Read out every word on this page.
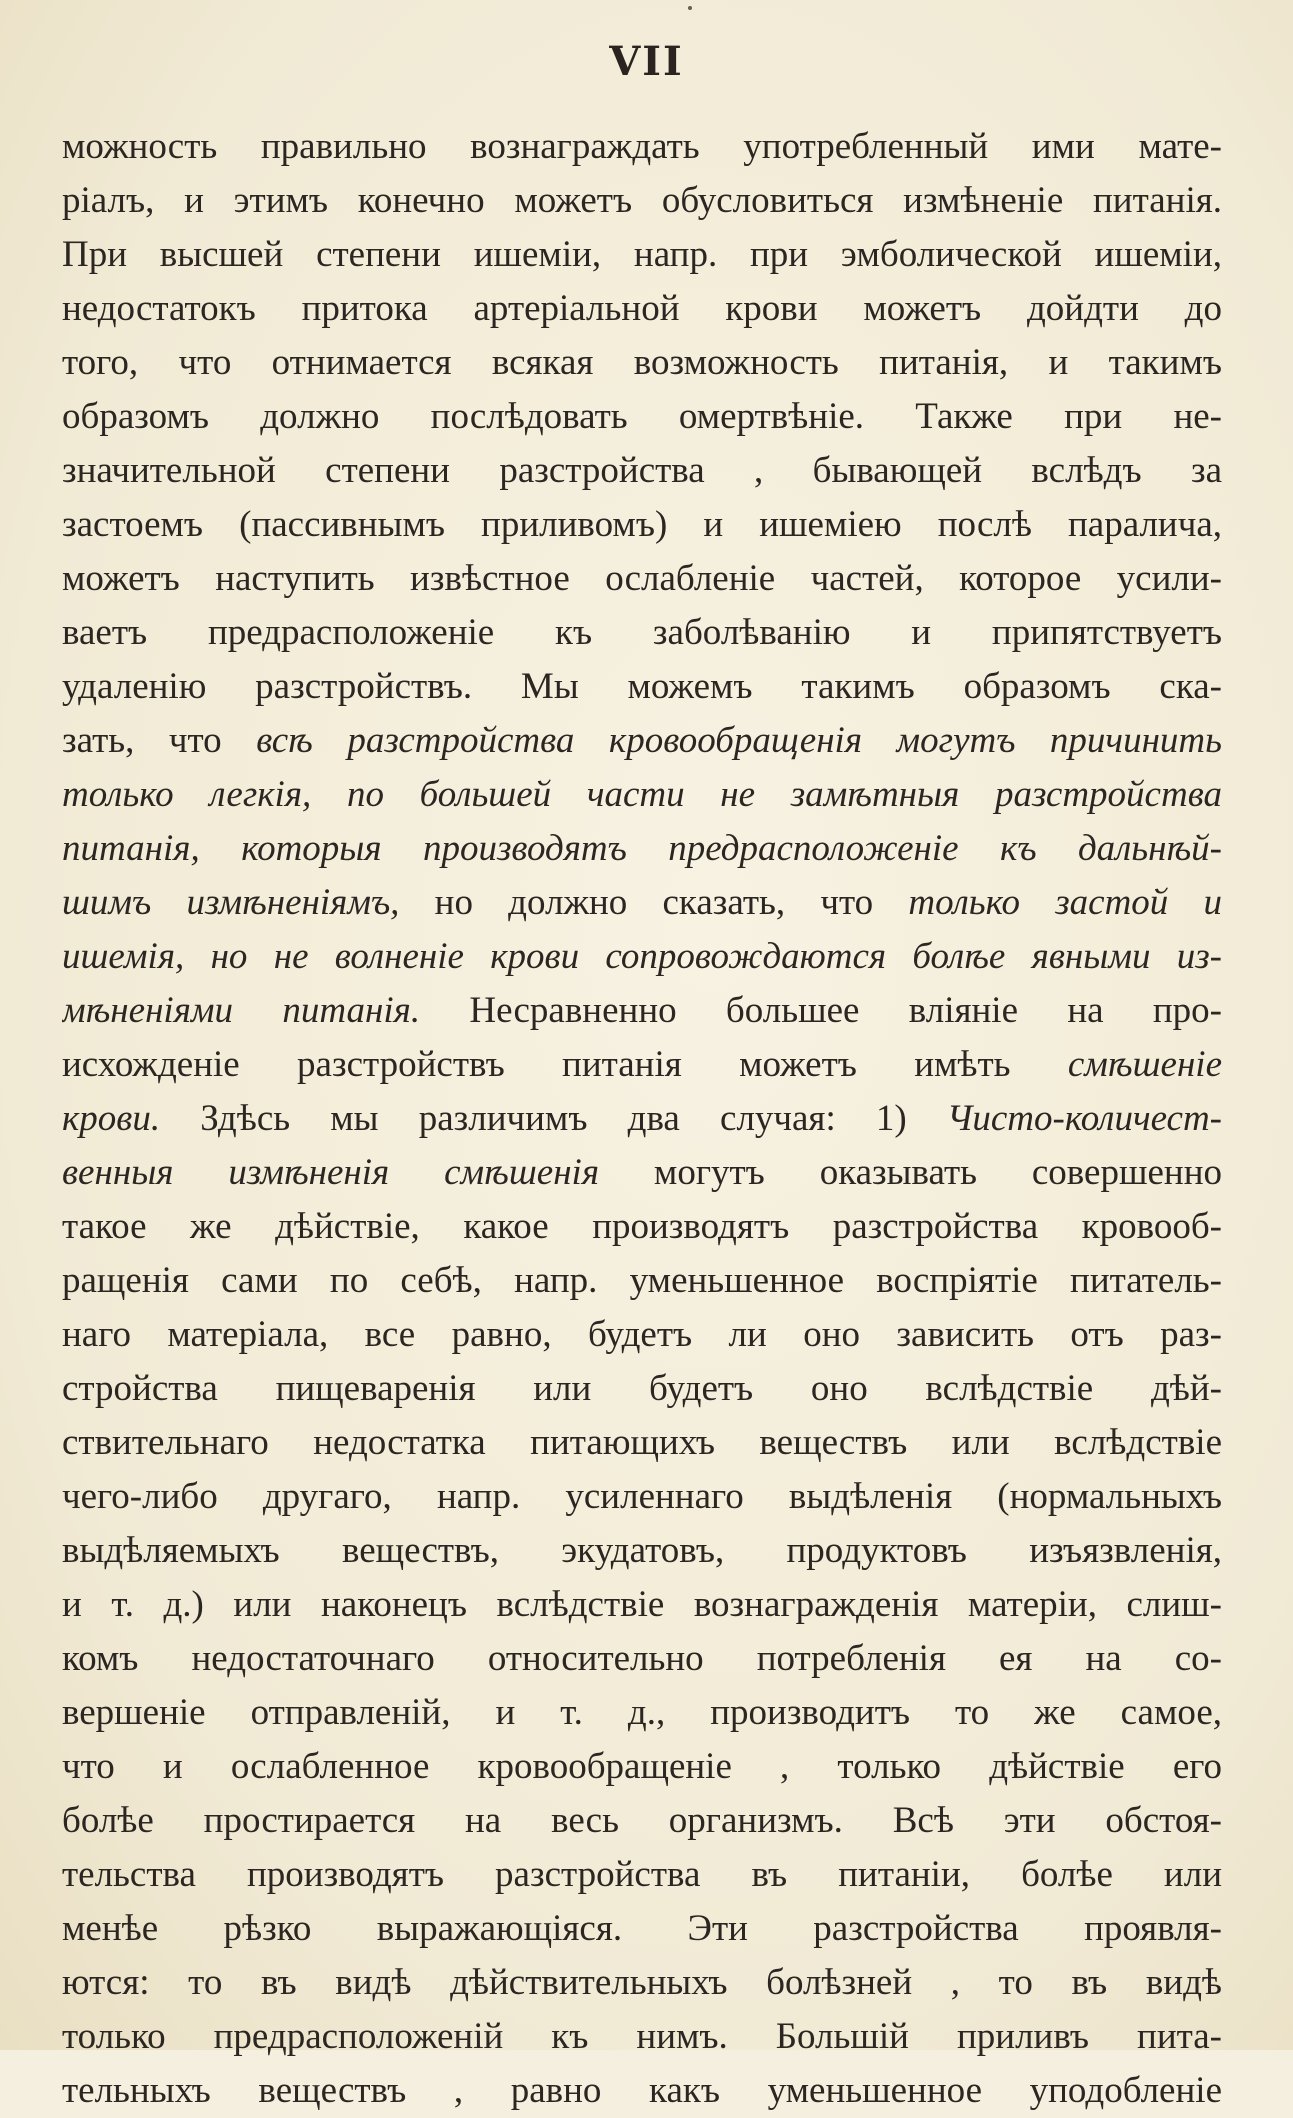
VII
можность правильно вознаграждать употребленный ими мате-
ріалъ, и этимъ конечно можетъ обусловиться измѣненіе питанія.
При высшей степени ишеміи, напр. при эмболической ишеміи,
недостатокъ притока артеріальной крови можетъ дойдти до
того, что отнимается всякая возможность питанія, и такимъ
образомъ должно послѣдовать омертвѣніе. Также при не-
значительной степени разстройства , бывающей вслѣдъ за
застоемъ (пассивнымъ приливомъ) и ишеміею послѣ паралича,
можетъ наступить извѣстное ослабленіе частей, которое усили-
ваетъ предрасположеніе къ заболѣванію и припятствуетъ
удаленію разстройствъ. Мы можемъ такимъ образомъ ска-
зать, что всѣ разстройства кровообращенія могутъ причинить
только легкія, по большей части не замѣтныя разстройства
питанія, которыя производятъ предрасположеніе къ дальнѣй-
шимъ измѣненіямъ, но должно сказать, что только застой и
ишемія, но не волненіе крови сопровождаются болѣе явными из-
мѣненіями питанія. Несравненно большее вліяніе на про-
исхожденіе разстройствъ питанія можетъ имѣть смѣшеніе
крови. Здѣсь мы различимъ два случая: 1) Чисто-количест-
венныя измѣненія смѣшенія могутъ оказывать совершенно
такое же дѣйствіе, какое производятъ разстройства кровооб-
ращенія сами по себѣ, напр. уменьшенное воспріятіе питатель-
наго матеріала, все равно, будетъ ли оно зависить отъ раз-
стройства пищеваренія или будетъ оно вслѣдствіе дѣй-
ствительнаго недостатка питающихъ веществъ или вслѣдствіе
чего-либо другаго, напр. усиленнаго выдѣленія (нормальныхъ
выдѣляемыхъ веществъ, экудатовъ, продуктовъ изъязвленія,
и т. д.) или наконецъ вслѣдствіе вознагражденія матеріи, слиш-
комъ недостаточнаго относительно потребленія ея на со-
вершеніе отправленій, и т. д., производитъ то же самое,
что и ослабленное кровообращеніе , только дѣйствіе его
болѣе простирается на весь организмъ. Всѣ эти обстоя-
тельства производятъ разстройства въ питаніи, болѣе или
менѣе рѣзко выражающіяся. Эти разстройства проявля-
ются: то въ видѣ дѣйствительныхъ болѣзней , то въ видѣ
только предрасположеній къ нимъ. Большій приливъ пита-
тельныхъ веществъ , равно какъ уменьшенное уподобленіе
